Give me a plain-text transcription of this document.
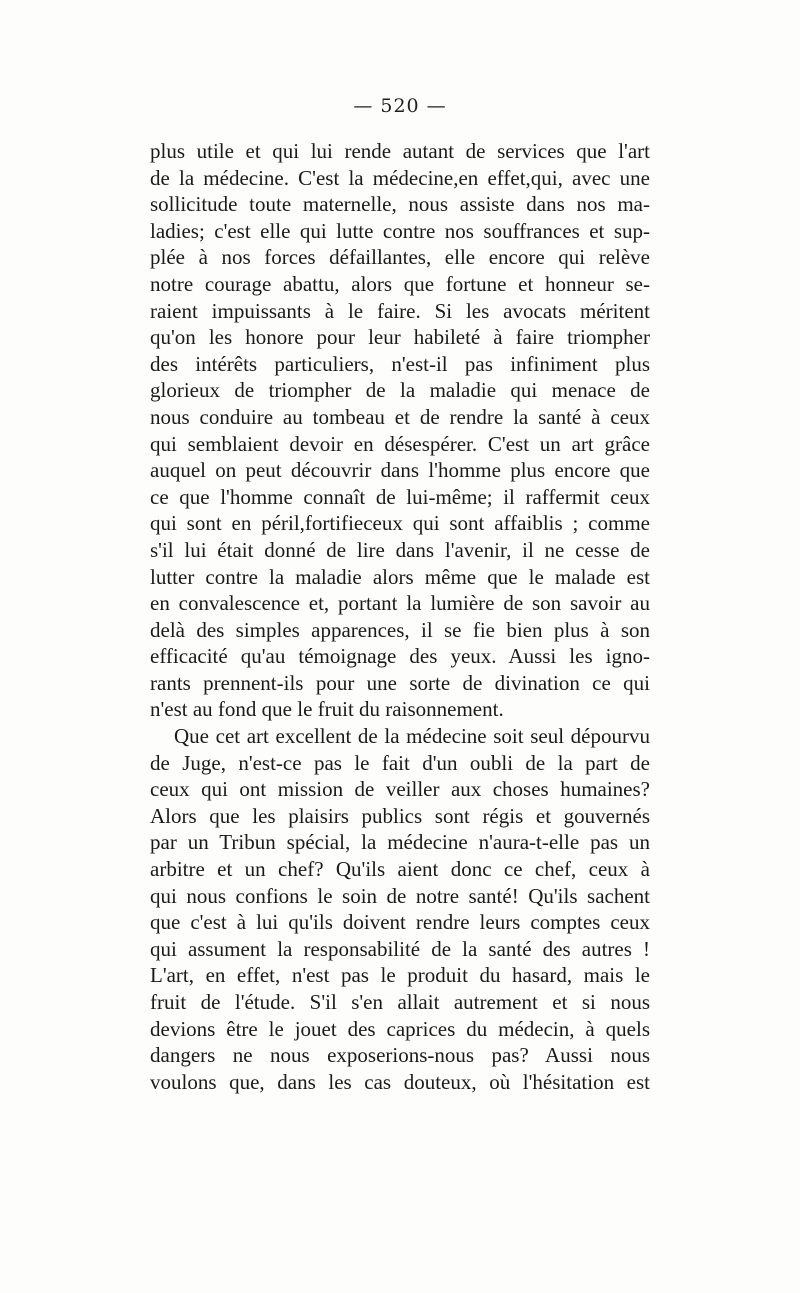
— 520 —
plus utile et qui lui rende autant de services que l'art
de la médecine. C'est la médecine,en effet,qui, avec une
sollicitude toute maternelle, nous assiste dans nos ma-
ladies; c'est elle qui lutte contre nos souffrances et sup-
plée à nos forces défaillantes, elle encore qui relève
notre courage abattu, alors que fortune et honneur se-
raient impuissants à le faire. Si les avocats méritent
qu'on les honore pour leur habileté à faire triompher
des intérêts particuliers, n'est-il pas infiniment plus
glorieux de triompher de la maladie qui menace de
nous conduire au tombeau et de rendre la santé à ceux
qui semblaient devoir en désespérer. C'est un art grâce
auquel on peut découvrir dans l'homme plus encore que
ce que l'homme connaît de lui-même; il raffermit ceux
qui sont en péril,fortifieceux qui sont affaiblis ; comme
s'il lui était donné de lire dans l'avenir, il ne cesse de
lutter contre la maladie alors même que le malade est
en convalescence et, portant la lumière de son savoir au
delà des simples apparences, il se fie bien plus à son
efficacité qu'au témoignage des yeux. Aussi les igno-
rants prennent-ils pour une sorte de divination ce qui
n'est au fond que le fruit du raisonnement.
Que cet art excellent de la médecine soit seul dépourvu
de Juge, n'est-ce pas le fait d'un oubli de la part de
ceux qui ont mission de veiller aux choses humaines?
Alors que les plaisirs publics sont régis et gouvernés
par un Tribun spécial, la médecine n'aura-t-elle pas un
arbitre et un chef? Qu'ils aient donc ce chef, ceux à
qui nous confions le soin de notre santé! Qu'ils sachent
que c'est à lui qu'ils doivent rendre leurs comptes ceux
qui assument la responsabilité de la santé des autres !
L'art, en effet, n'est pas le produit du hasard, mais le
fruit de l'étude. S'il s'en allait autrement et si nous
devions être le jouet des caprices du médecin, à quels
dangers ne nous exposerions-nous pas? Aussi nous
voulons que, dans les cas douteux, où l'hésitation est
